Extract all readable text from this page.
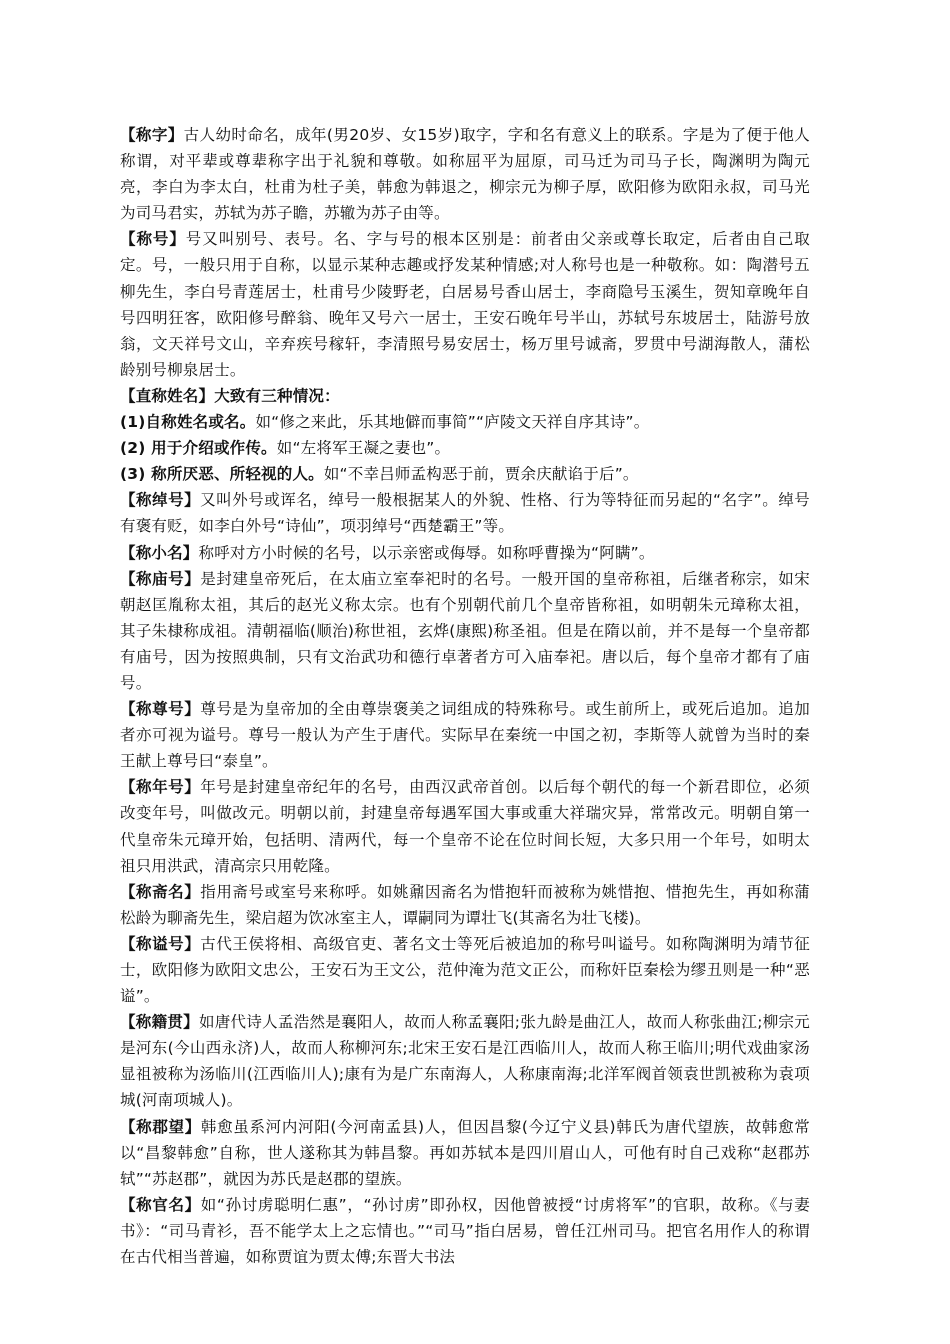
【称字】古人幼时命名，成年(男20岁、女15岁)取字，字和名有意义上的联系。字是为了便于他人称谓，对平辈或尊辈称字出于礼貌和尊敬。如称屈平为屈原，司马迁为司马子长，陶渊明为陶元亮，李白为李太白，杜甫为杜子美，韩愈为韩退之，柳宗元为柳子厚，欧阳修为欧阳永叔，司马光为司马君实，苏轼为苏子瞻，苏辙为苏子由等。

【称号】号又叫别号、表号。名、字与号的根本区别是：前者由父亲或尊长取定，后者由自己取定。号，一般只用于自称，以显示某种志趣或抒发某种情感;对人称号也是一种敬称。如：陶潜号五柳先生，李白号青莲居士，杜甫号少陵野老，白居易号香山居士，李商隐号玉溪生，贺知章晚年自号四明狂客，欧阳修号醉翁、晚年又号六一居士，王安石晚年号半山，苏轼号东坡居士，陆游号放翁，文天祥号文山，辛弃疾号稼轩，李清照号易安居士，杨万里号诚斋，罗贯中号湖海散人，蒲松龄别号柳泉居士。

【直称姓名】大致有三种情况：

(1)自称姓名或名。如“修之来此，乐其地僻而事简”“庐陵文天祥自序其诗”。

(2) 用于介绍或作传。如“左将军王凝之妻也”。

(3) 称所厌恶、所轻视的人。如“不幸吕师孟构恶于前，贾余庆献谄于后”。

【称绰号】又叫外号或诨名，绰号一般根据某人的外貌、性格、行为等特征而另起的“名字”。绰号有褒有贬，如李白外号“诗仙”，项羽绰号“西楚霸王”等。

【称小名】称呼对方小时候的名号，以示亲密或侮辱。如称呼曹操为“阿瞒”。

【称庙号】是封建皇帝死后，在太庙立室奉祀时的名号。一般开国的皇帝称祖，后继者称宗，如宋朝赵匡胤称太祖，其后的赵光义称太宗。也有个别朝代前几个皇帝皆称祖，如明朝朱元璋称太祖，其子朱棣称成祖。清朝福临(顺治)称世祖，玄烨(康熙)称圣祖。但是在隋以前，并不是每一个皇帝都有庙号，因为按照典制，只有文治武功和德行卓著者方可入庙奉祀。唐以后，每个皇帝才都有了庙号。

【称尊号】尊号是为皇帝加的全由尊崇褒美之词组成的特殊称号。或生前所上，或死后追加。追加者亦可视为谥号。尊号一般认为产生于唐代。实际早在秦统一中国之初，李斯等人就曾为当时的秦王献上尊号曰“泰皇”。

【称年号】年号是封建皇帝纪年的名号，由西汉武帝首创。以后每个朝代的每一个新君即位，必须改变年号，叫做改元。明朝以前，封建皇帝每遇军国大事或重大祥瑞灾异，常常改元。明朝自第一代皇帝朱元璋开始，包括明、清两代，每一个皇帝不论在位时间长短，大多只用一个年号，如明太祖只用洪武，清高宗只用乾隆。

【称斋名】指用斋号或室号来称呼。如姚鼐因斋名为惜抱轩而被称为姚惜抱、惜抱先生，再如称蒲松龄为聊斋先生，梁启超为饮冰室主人，谭嗣同为谭壮飞(其斋名为壮飞楼)。

【称谥号】古代王侯将相、高级官吏、著名文士等死后被追加的称号叫谥号。如称陶渊明为靖节征士，欧阳修为欧阳文忠公，王安石为王文公，范仲淹为范文正公，而称奸臣秦桧为缪丑则是一种“恶谥”。

【称籍贯】如唐代诗人孟浩然是襄阳人，故而人称孟襄阳;张九龄是曲江人，故而人称张曲江;柳宗元是河东(今山西永济)人，故而人称柳河东;北宋王安石是江西临川人，故而人称王临川;明代戏曲家汤显祖被称为汤临川(江西临川人);康有为是广东南海人，人称康南海;北洋军阀首领袁世凯被称为袁项城(河南项城人)。

【称郡望】韩愈虽系河内河阳(今河南孟县)人，但因昌黎(今辽宁义县)韩氏为唐代望族，故韩愈常以“昌黎韩愈”自称，世人遂称其为韩昌黎。再如苏轼本是四川眉山人，可他有时自己戏称“赵郡苏轼”“苏赵郡”，就因为苏氏是赵郡的望族。

【称官名】如“孙讨虏聪明仁惠”，“孙讨虏”即孙权，因他曾被授“讨虏将军”的官职，故称。《与妻书》：“司马青衫，吾不能学太上之忘情也。”“司马”指白居易，曾任江州司马。把官名用作人的称谓在古代相当普遍，如称贾谊为贾太傅;东晋大书法
